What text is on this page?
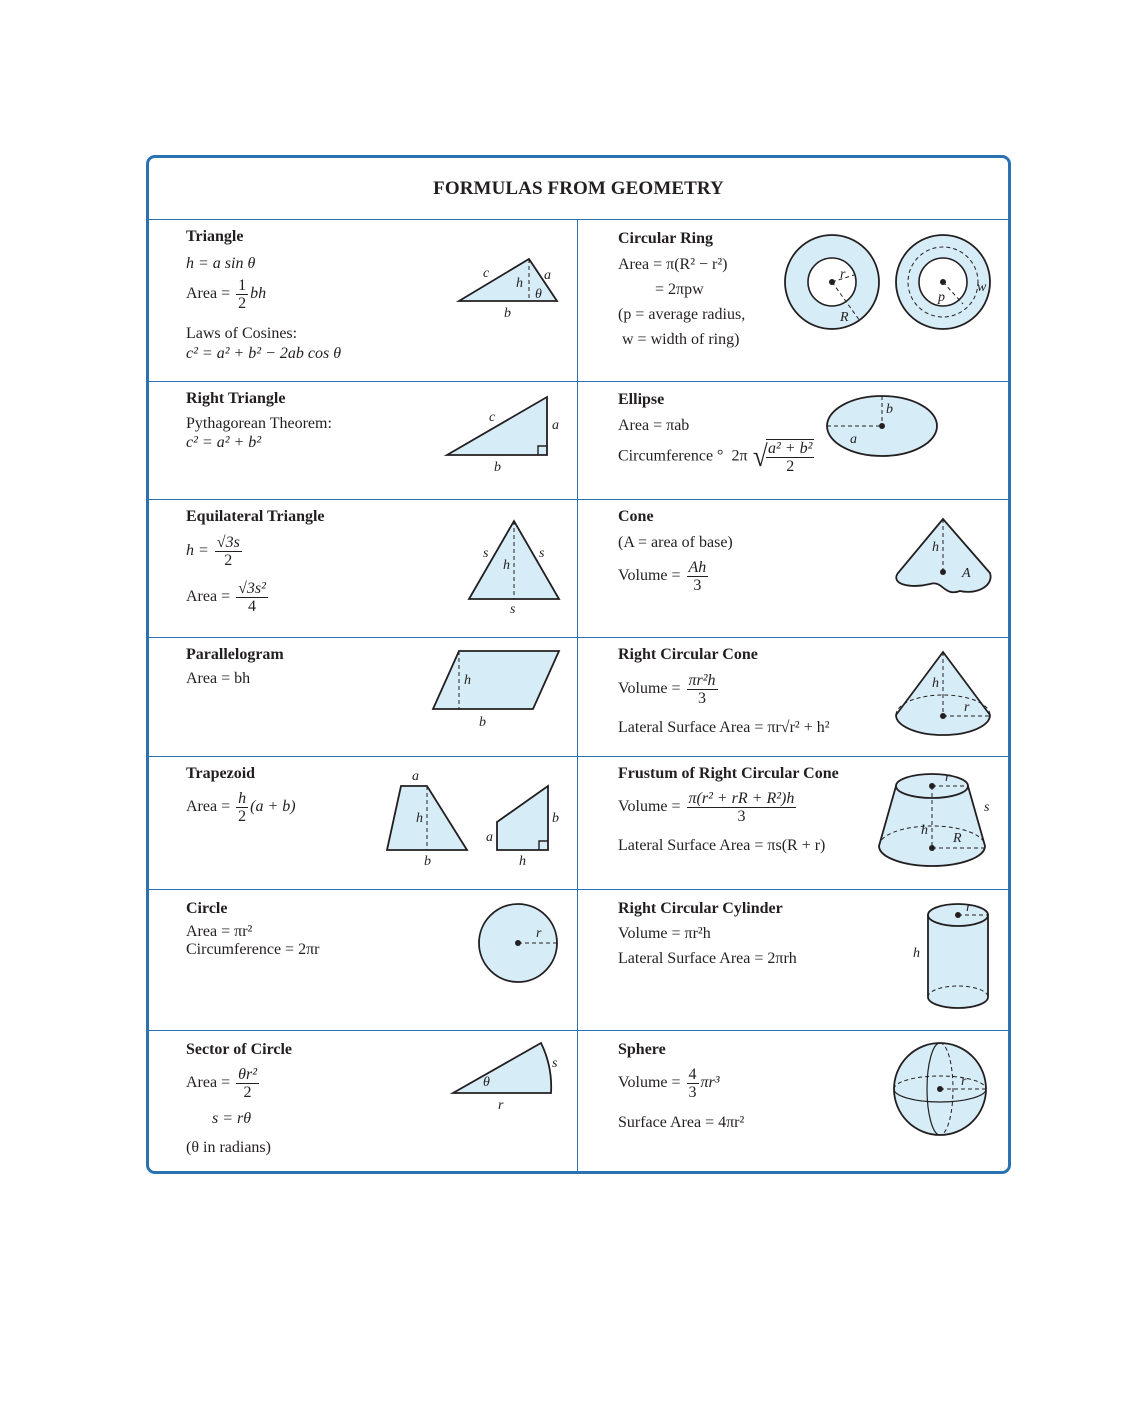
FORMULAS FROM GEOMETRY
Triangle
h = a sin θ
Area = $\frac{1}{2}$ bh
Laws of Cosines:
c² = a² + b² − 2ab cos θ
c	a
h
θ
b
Circular Ring
Area = π(R² − r²)
= 2πpw
(p = average radius,
w = width of ring)
r
R
p
w
Right Triangle
Pythagorean Theorem:
c² = a² + b²
c
a
b
Ellipse
Area = πab
Circumference ° 2π √
$\frac{\text{a² + b²}}{2}$	a
b
Equilateral Triangle
$h = \frac{√3s}{2}$
Area = $\frac{\text{√3s²}}{4}$
s	s
h
s
Cone
(A = area of base)
Volume = $\frac{Ah}{3}$
h
A
Parallelogram
Area = bh	h
b
Right Circular Cone
Volume = $\frac{\text{πr²h}}{3}$
Lateral Surface Area = πr√r² + h²
h
r
Trapezoid
Area = $\frac{h}{2} (a + b)$
a
h
b
a
b
h
Frustum of Right Circular Cone
Volume = $\frac{\text{π(r² + rR + R²)h}}{3}$
Lateral Surface Area = πs(R + r)
r
s
h
R
Circle
Area = πr²
Circumference = 2πr
r
Right Circular Cylinder
Volume = πr²h
Lateral Surface Area = 2πrh
r
h
Sector of Circle
Area = $\frac{\text{θr²}}{2}$
s = rθ
(θ in radians)
θ
s
r
Sphere
Volume = $\frac{4}{3} \pi r^3$
Surface Area = 4πr²
r
